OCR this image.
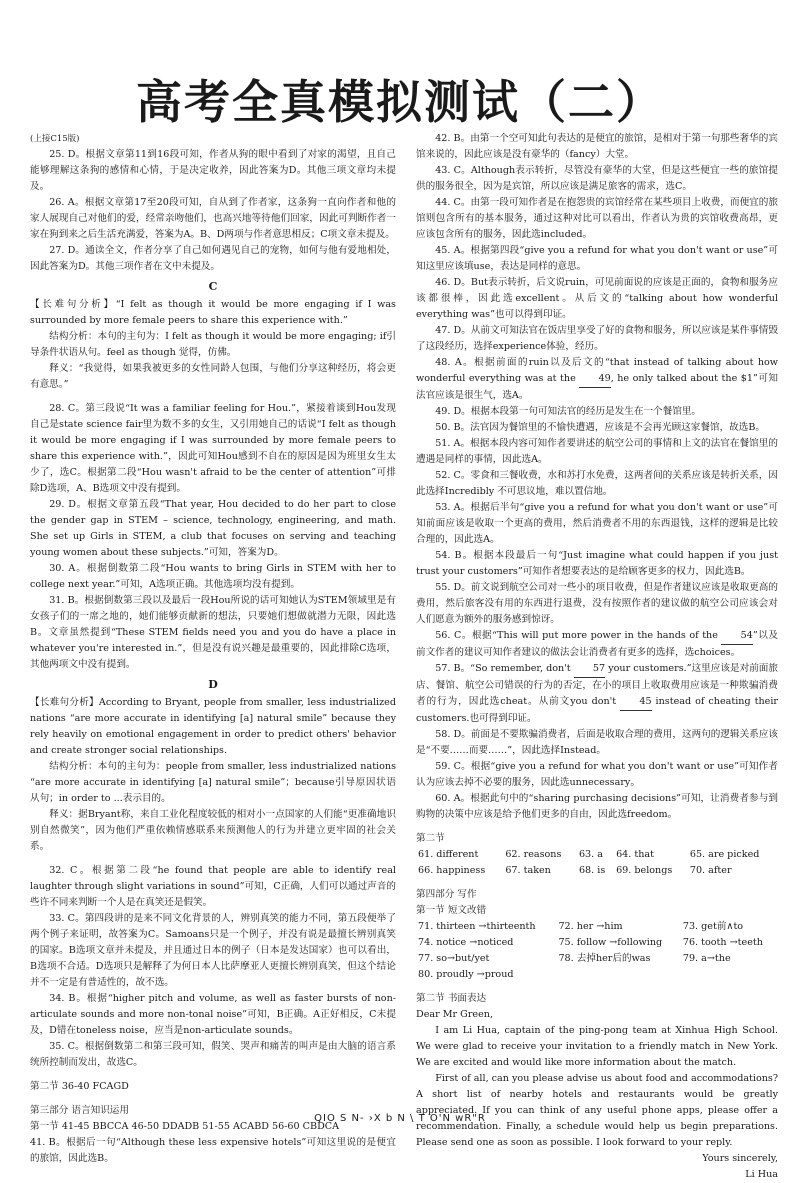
高考全真模拟测试（二）

(上接C15版)

25. D。根据文章第11到16段可知，作者从狗的眼中看到了对家的渴望，且自己能够理解这条狗的感情和心情，于是决定收养，因此答案为D。其他三项文章均未提及。

26. A。根据文章第17至20段可知，自从到了作者家，这条狗一直向作者和他的家人展现自己对他们的爱，经常亲吻他们，也高兴地等待他们回家，因此可判断作者一家在狗到来之后生活充满爱，答案为A。B、D两项与作者意思相反；C项文章未提及。

27. D。通读全文，作者分享了自己如何遇见自己的宠物，如何与他有爱地相处，因此答案为D。其他三项作者在文中未提及。

C

【长难句分析】“I felt as though it would be more engaging if I was surrounded by more female peers to share this experience with.”

结构分析：本句的主句为：I felt as though it would be more engaging; if引导条件状语从句。feel as though 觉得，仿佛。

释义：“我觉得，如果我被更多的女性同龄人包围，与他们分享这种经历，将会更有意思。”

28. C。第三段说“It was a familiar feeling for Hou.”，紧接着谈到Hou发现自己是state science fair里为数不多的女生，又引用她自己的话说“I felt as though it would be more engaging if I was surrounded by more female peers to share this experience with.”，因此可知Hou感到不自在的原因是因为班里女生太少了，选C。根据第二段“Hou wasn't afraid to be the center of attention”可排除D选项，A、B选项文中没有提到。

29. D。根据文章第五段“That year, Hou decided to do her part to close the gender gap in STEM – science, technology, engineering, and math. She set up Girls in STEM, a club that focuses on serving and teaching young women about these subjects.”可知，答案为D。

30. A。根据倒数第二段“Hou wants to bring Girls in STEM with her to college next year.”可知，A选项正确。其他选项均没有提到。

31. B。根据倒数第三段以及最后一段Hou所说的话可知她认为STEM领域里是有女孩子们的一席之地的，她们能够贡献新的想法，只要她们想做就潜力无限，因此选B。文章虽然提到“These STEM fields need you and you do have a place in whatever you're interested in.”，但是没有说兴趣是最重要的，因此排除C选项，其他两项文中没有提到。

D

【长难句分析】According to Bryant, people from smaller, less industrialized nations “are more accurate in identifying [a] natural smile” because they rely heavily on emotional engagement in order to predict others' behavior and create stronger social relationships.

结构分析：本句的主句为：people from smaller, less industrialized nations “are more accurate in identifying [a] natural smile”；because引导原因状语从句；in order to ...表示目的。

释义：据Bryant称，来自工业化程度较低的相对小一点国家的人们能“更准确地识别自然微笑”，因为他们严重依赖情感联系来预测他人的行为并建立更牢固的社会关系。

32. C。根据第二段“he found that people are able to identify real laughter through slight variations in sound”可知，C正确，人们可以通过声音的些许不同来判断一个人是在真笑还是假笑。

33. C。第四段讲的是来不同文化背景的人，辨别真笑的能力不同，第五段便举了两个例子来证明，故答案为C。Samoans只是一个例子，并没有说是最擅长辨别真笑的国家。B选项文章并未提及，并且通过日本的例子（日本是发达国家）也可以看出，B选项不合适。D选项只是解释了为何日本人比萨摩亚人更擅长辨别真笑，但这个结论并不一定是有普适性的，故不选。

34. B。根据“higher pitch and volume, as well as faster bursts of non-articulate sounds and more non-tonal noise”可知，B正确。A正好相反，C未提及，D错在toneless noise，应当是non-articulate sounds。

35. C。根据倒数第二和第三段可知，假笑、哭声和痛苦的叫声是由大脑的语言系统所控制而发出，故选C。

第二节 36-40 FCAGD

第三部分 语言知识运用

第一节 41-45 BBCCA 46-50 DDADB 51-55 ACABD 56-60 CBDCA

41. B。根据后一句“Although these less expensive hotels”可知这里说的是便宜的旅馆，因此选B。

42. B。由第一个空可知此句表达的是便宜的旅馆，是相对于第一句那些奢华的宾馆来说的，因此应该是没有豪华的（fancy）大堂。

43. C。Although表示转折，尽管没有豪华的大堂，但是这些便宜一些的旅馆提供的服务很全，因为是宾馆，所以应该是满足旅客的需求，选C。

44. C。由第一段可知作者是在抱怨贵的宾馆经常在某些项目上收费，而便宜的旅馆则包含所有的基本服务，通过这种对比可以看出，作者认为贵的宾馆收费高昂，更应该包含所有的服务，因此选included。

45. A。根据第四段“give you a refund for what you don't want or use”可知这里应该填use，表达是同样的意思。

46. D。But表示转折，后文说ruin，可见前面说的应该是正面的，食物和服务应该都很棒，因此选excellent。从后文的“talking about how wonderful everything was”也可以得到印证。

47. D。从前文可知法官在饭店里享受了好的食物和服务，所以应该是某件事情毁了这段经历，选择experience体验，经历。

48. A。根据前面的ruin以及后文的“that instead of talking about how wonderful everything was at the 49, he only talked about the $1”可知法官应该是很生气，选A。

49. D。根据本段第一句可知法官的经历是发生在一个餐馆里。

50. B。法官因为餐馆里的不愉快遭遇，应该是不会再光顾这家餐馆，故选B。

51. A。根据本段内容可知作者要讲述的航空公司的事情和上文的法官在餐馆里的遭遇是同样的事情，因此选A。

52. C。零食和三餐收费，水和苏打水免费，这两者间的关系应该是转折关系，因此选择Incredibly 不可思议地，难以置信地。

53. A。根据后半句“give you a refund for what you don't want or use”可知前面应该是收取一个更高的费用，然后消费者不用的东西退钱，这样的逻辑是比较合理的，因此选A。

54. B。根据本段最后一句“Just imagine what could happen if you just trust your customers”可知作者想要表达的是给顾客更多的权力，因此选B。

55. D。前文说到航空公司对一些小的项目收费，但是作者建议应该是收取更高的费用，然后旅客没有用的东西进行退费，没有按照作者的建议做的航空公司应该会对人们愿意为额外的服务感到惊讶。

56. C。根据“This will put more power in the hands of the 54”以及前文作者的建议可知作者建议的做法会让消费者有更多的选择，选choices。

57. B。“So remember, don't 57 your customers.”这里应该是对前面旅店、餐馆、航空公司错误的行为的否定，在小的项目上收取费用应该是一种欺骗消费者的行为，因此选cheat。从前文you don't 45 instead of cheating their customers.也可得到印证。

58. D。前面是不要欺骗消费者，后面是收取合理的费用，这两句的逻辑关系应该是“不要……而要……”，因此选择Instead。

59. C。根据“give you a refund for what you don't want or use”可知作者认为应该去掉不必要的服务，因此选unnecessary。

60. A。根据此句中的“sharing purchasing decisions”可知，让消费者参与到购物的决策中应该是给予他们更多的自由，因此选freedom。

第二节

61. different	62. reasons	63. a	64. that	65. are picked
66. happiness	67. taken	68. is	69. belongs	70. after

第四部分 写作

第一节 短文改错

71. thirteen →thirteenth	72. her →him	73. get前∧to
74. notice →noticed	75. follow →following	76. tooth →teeth
77. so→but/yet	78. 去掉her后的was	79. a→the
80. proudly →proud		

第二节 书面表达

Dear Mr Green,

I am Li Hua, captain of the ping-pong team at Xinhua High School. We were glad to receive your invitation to a friendly match in New York. We are excited and would like more information about the match.

First of all, can you please advise us about food and accommodations? A short list of nearby hotels and restaurants would be greatly appreciated. If you can think of any useful phone apps, please offer a recommendation. Finally, a schedule would help us begin preparations. Please send one as soon as possible. I look forward to your reply.

Yours sincerely,

Li Hua

QIO S N- ›X b N \ T O'N wR"R
